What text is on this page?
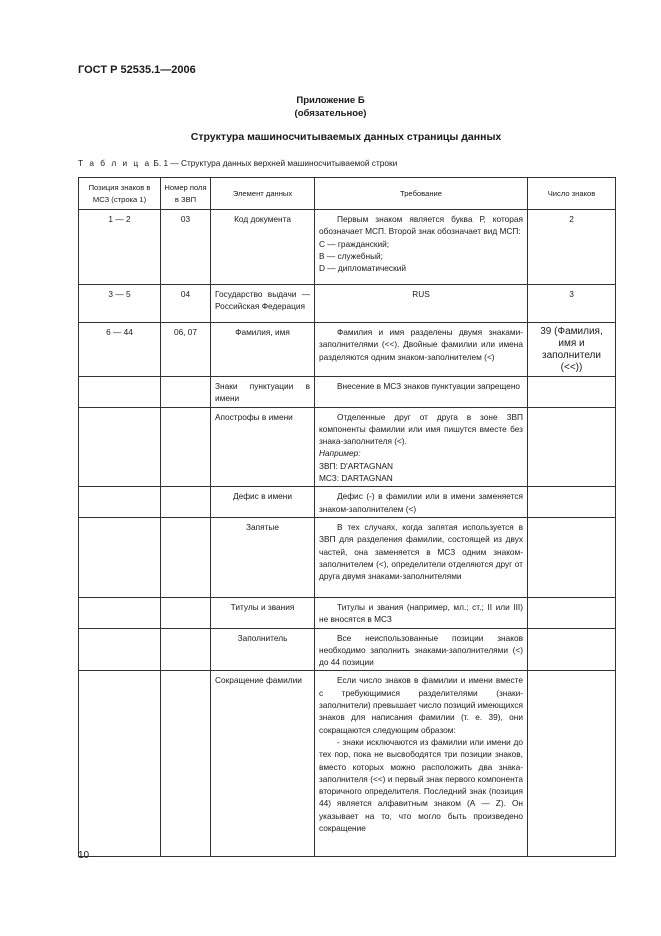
ГОСТ Р 52535.1—2006
Приложение Б
(обязательное)
Структура машиносчитываемых данных страницы данных
Т а б л и ц а Б. 1 — Структура данных верхней машиносчитываемой строки
Позиция знаков в МСЗ (строка 1)	Номер поля в ЗВП	Элемент данных	Требование	Число знаков
1 — 2	03	Код документа	Первым знаком является буква Р, которая обозначает МСП. Второй знак обозначает вид МСП:
С — гражданский;
В — служебный;
D — дипломатический	2
3 — 5	04	Государство выдачи — Российская Федерация	RUS	3
6 — 44	06, 07	Фамилия, имя	Фамилия и имя разделены двумя знаками-заполнителями (<<). Двойные фамилии или имена разделяются одним знаком-заполнителем (<)	39 (Фамилия, имя и заполнители (<<))
		Знаки пунктуации в имени	Внесение в МСЗ знаков пунктуации запрещено	
		Апострофы в имени	Отделенные друг от друга в зоне ЗВП компоненты фамилии или имя пишутся вместе без знака-заполнителя (<).
Например:
ЗВП: D'ARTAGNAN
МСЗ: DARTAGNAN	

		Дефис в имени	Дефис (-) в фамилии или в имени заменяется знаком-заполнителем (<)	
		Запятые	В тех случаях, когда запятая используется в ЗВП для разделения фамилии, состоящей из двух частей, она заменяется в МСЗ одним знаком-заполнителем (<), определители отделяются друг от друга двумя знаками-заполнителями	
		Титулы и звания	Титулы и звания (например, мл.; ст.; II или III) не вносятся в МСЗ	
		Заполнитель	Все неиспользованные позиции знаков необходимо заполнить знаками-заполнителями (<) до 44 позиции	
		Сокращение фамилии	Если число знаков в фамилии и имени вместе с требующимися разделителями (знаки-заполнители) превышает число позиций имеющихся знаков для написания фамилии (т. е. 39), они сокращаются следующим образом:
- знаки исключаются из фамилии или имени до тех пор, пока не высвободятся три позиции знаков, вместо которых можно расположить два знака-заполнителя (<<) и первый знак первого компонента вторичного определителя. Последний знак (позиция 44) является алфавитным знаком (А — Z). Он указывает на то, что могло быть произведено сокращение	

10
